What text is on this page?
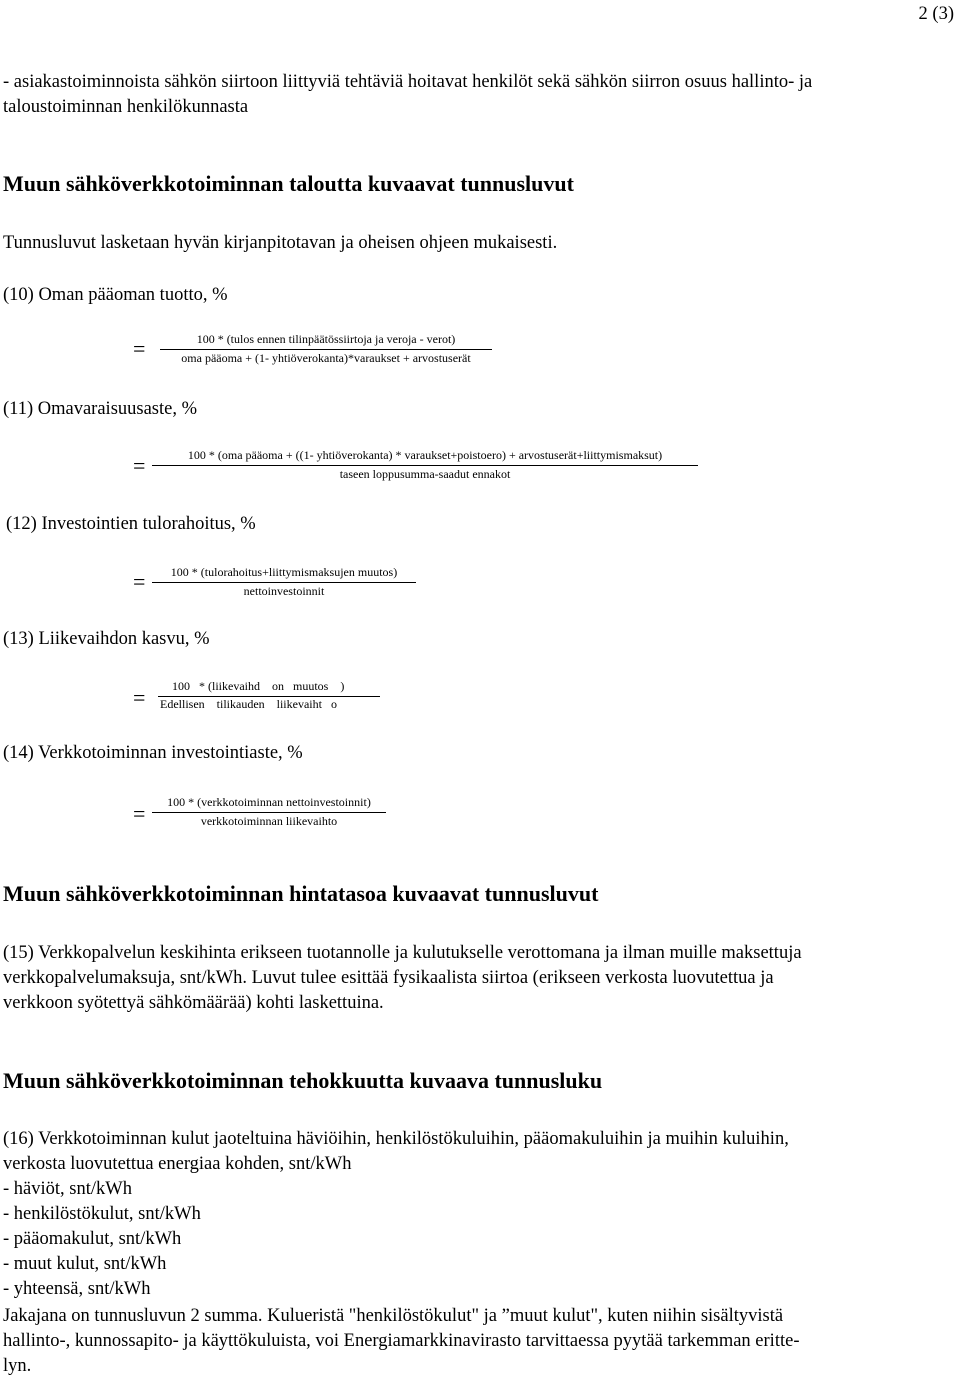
2 (3)
- asiakastoiminnoista sähkön siirtoon liittyviä tehtäviä hoitavat henkilöt sekä sähkön siirron osuus hallinto- ja
taloustoiminnan henkilökunnasta
Muun sähköverkkotoiminnan taloutta kuvaavat tunnusluvut
Tunnusluvut lasketaan hyvän kirjanpitotavan ja oheisen ohjeen mukaisesti.
(10) Oman pääoman tuotto, %
=	100 * (tulos ennen tilinpäätössiirtoja ja veroja - verot)
oma pääoma + (1- yhtiöverokanta)*varaukset + arvostuserät
(11) Omavaraisuusaste, %
=	100 * (oma pääoma + ((1- yhtiöverokanta) * varaukset+poistoero) + arvostuserät+liittymismaksut)
taseen loppusumma-saadut ennakot
(12) Investointien tulorahoitus, %
=	100 * (tulorahoitus+liittymismaksujen muutos)
nettoinvestoinnit
(13) Liikevaihdon kasvu, %
= 100   * (liikevaihd    on   muutos    )
Edellisen    tilikauden    liikevaiht   o
(14) Verkkotoiminnan investointiaste, %
=	100 * (verkkotoiminnan nettoinvestoinnit)
verkkotoiminnan liikevaihto
Muun sähköverkkotoiminnan hintatasoa kuvaavat tunnusluvut
(15) Verkkopalvelun keskihinta erikseen tuotannolle ja kulutukselle verottomana ja ilman muille maksettuja
verkkopalvelumaksuja, snt/kWh. Luvut tulee esittää fysikaalista siirtoa (erikseen verkosta luovutettua ja
verkkoon syötettyä sähkömäärää) kohti laskettuina.
Muun sähköverkkotoiminnan tehokkuutta kuvaava tunnusluku
(16) Verkkotoiminnan kulut jaoteltuina häviöihin, henkilöstökuluihin, pääomakuluihin ja muihin kuluihin,
verkosta luovutettua energiaa kohden, snt/kWh
- häviöt, snt/kWh
- henkilöstökulut, snt/kWh
- pääomakulut, snt/kWh
- muut kulut, snt/kWh
- yhteensä, snt/kWh
Jakajana on tunnusluvun 2 summa. Kulueristä "henkilöstökulut" ja ”muut kulut", kuten niihin sisältyvistä
hallinto-, kunnossapito- ja käyttökuluista, voi Energiamarkkinavirasto tarvittaessa pyytää tarkemman erittе-
lyn.
